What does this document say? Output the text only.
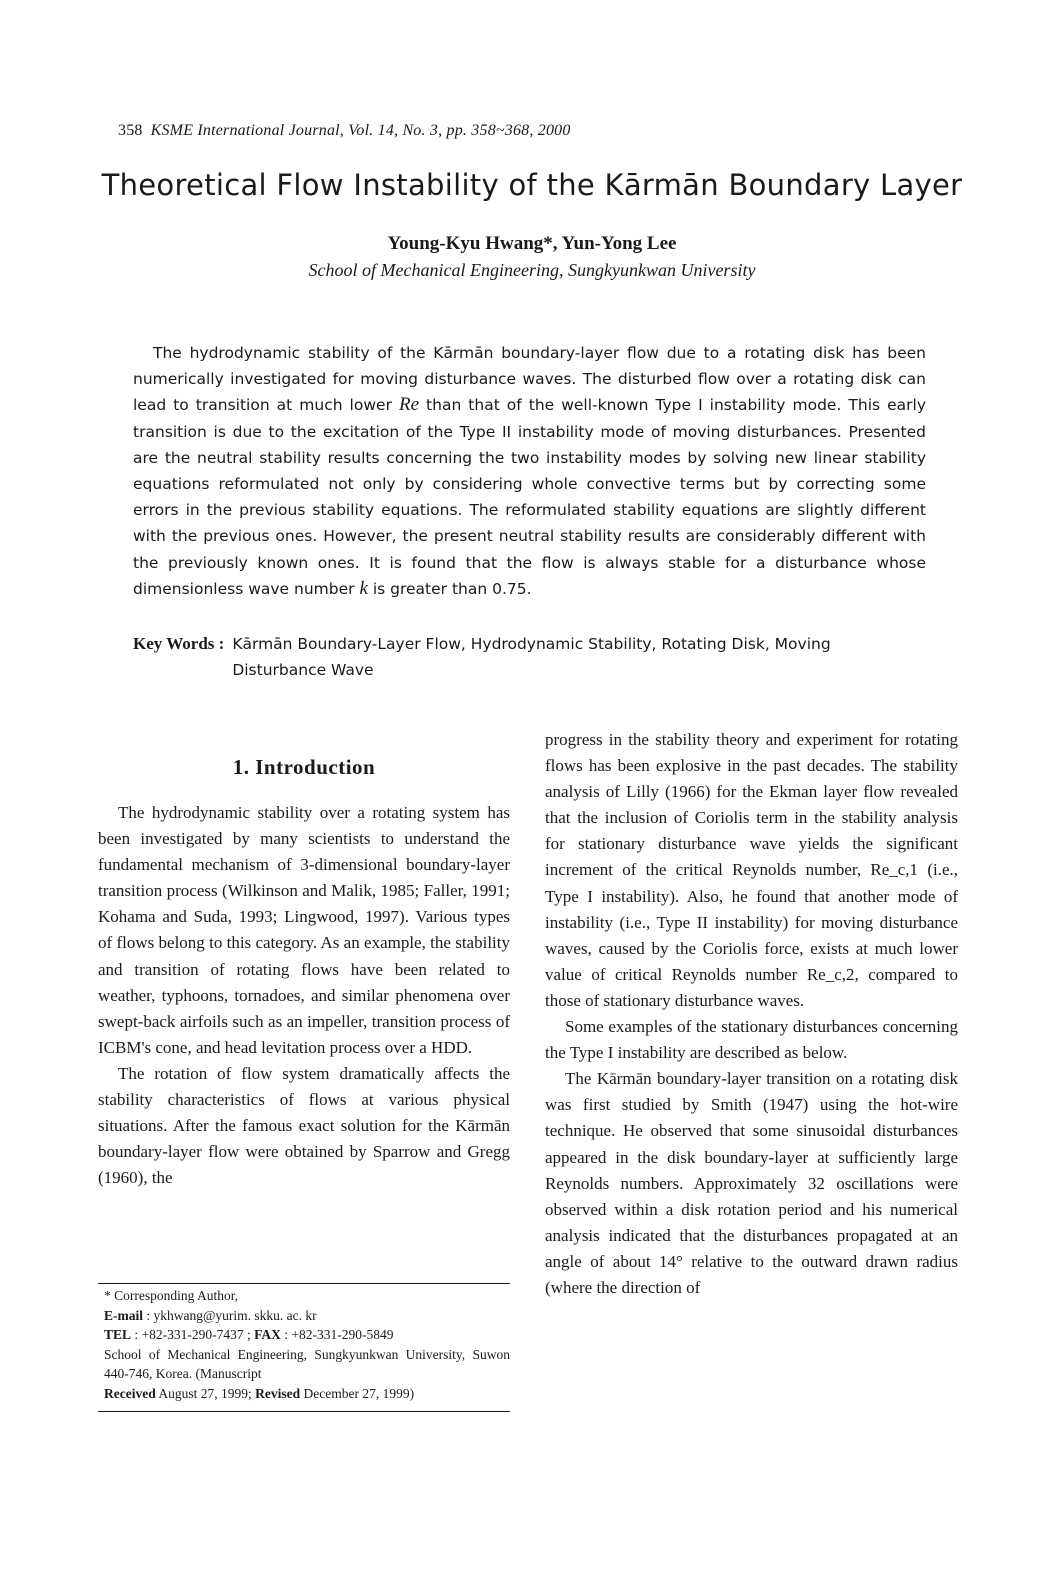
358 KSME International Journal, Vol. 14, No. 3, pp. 358~368, 2000
Theoretical Flow Instability of the Kārmān Boundary Layer
Young-Kyu Hwang*, Yun-Yong Lee
School of Mechanical Engineering, Sungkyunkwan University

The hydrodynamic stability of the Kārmān boundary-layer flow due to a rotating disk has been numerically investigated for moving disturbance waves. The disturbed flow over a rotating disk can lead to transition at much lower Re than that of the well-known Type I instability mode. This early transition is due to the excitation of the Type II instability mode of moving disturbances. Presented are the neutral stability results concerning the two instability modes by solving new linear stability equations reformulated not only by considering whole convective terms but by correcting some errors in the previous stability equations. The reformulated stability equations are slightly different with the previous ones. However, the present neutral stability results are considerably different with the previously known ones. It is found that the flow is always stable for a disturbance whose dimensionless wave number k is greater than 0.75.

Key Words : Kārmān Boundary-Layer Flow, Hydrodynamic Stability, Rotating Disk, Moving Disturbance Wave
1. Introduction

The hydrodynamic stability over a rotating system has been investigated by many scientists to understand the fundamental mechanism of 3-dimensional boundary-layer transition process (Wilkinson and Malik, 1985; Faller, 1991; Kohama and Suda, 1993; Lingwood, 1997). Various types of flows belong to this category. As an example, the stability and transition of rotating flows have been related to weather, typhoons, tornadoes, and similar phenomena over swept-back airfoils such as an impeller, transition process of ICBM's cone, and head levitation process over a HDD.

The rotation of flow system dramatically affects the stability characteristics of flows at various physical situations. After the famous exact solution for the Kārmān boundary-layer flow were obtained by Sparrow and Gregg (1960), the

progress in the stability theory and experiment for rotating flows has been explosive in the past decades. The stability analysis of Lilly (1966) for the Ekman layer flow revealed that the inclusion of Coriolis term in the stability analysis for stationary disturbance wave yields the significant increment of the critical Reynolds number, Re_c,1 (i.e., Type I instability). Also, he found that another mode of instability (i.e., Type II instability) for moving disturbance waves, caused by the Coriolis force, exists at much lower value of critical Reynolds number Re_c,2, compared to those of stationary disturbance waves.

Some examples of the stationary disturbances concerning the Type I instability are described as below.

The Kārmān boundary-layer transition on a rotating disk was first studied by Smith (1947) using the hot-wire technique. He observed that some sinusoidal disturbances appeared in the disk boundary-layer at sufficiently large Reynolds numbers. Approximately 32 oscillations were observed within a disk rotation period and his numerical analysis indicated that the disturbances propagated at an angle of about 14° relative to the outward drawn radius (where the direction of

* Corresponding Author,
E-mail : ykhwang@yurim. skku. ac. kr
TEL : +82-331-290-7437 ; FAX : +82-331-290-5849
School of Mechanical Engineering, Sungkyunkwan University, Suwon 440-746, Korea. (Manuscript
Received August 27, 1999; Revised December 27, 1999)
